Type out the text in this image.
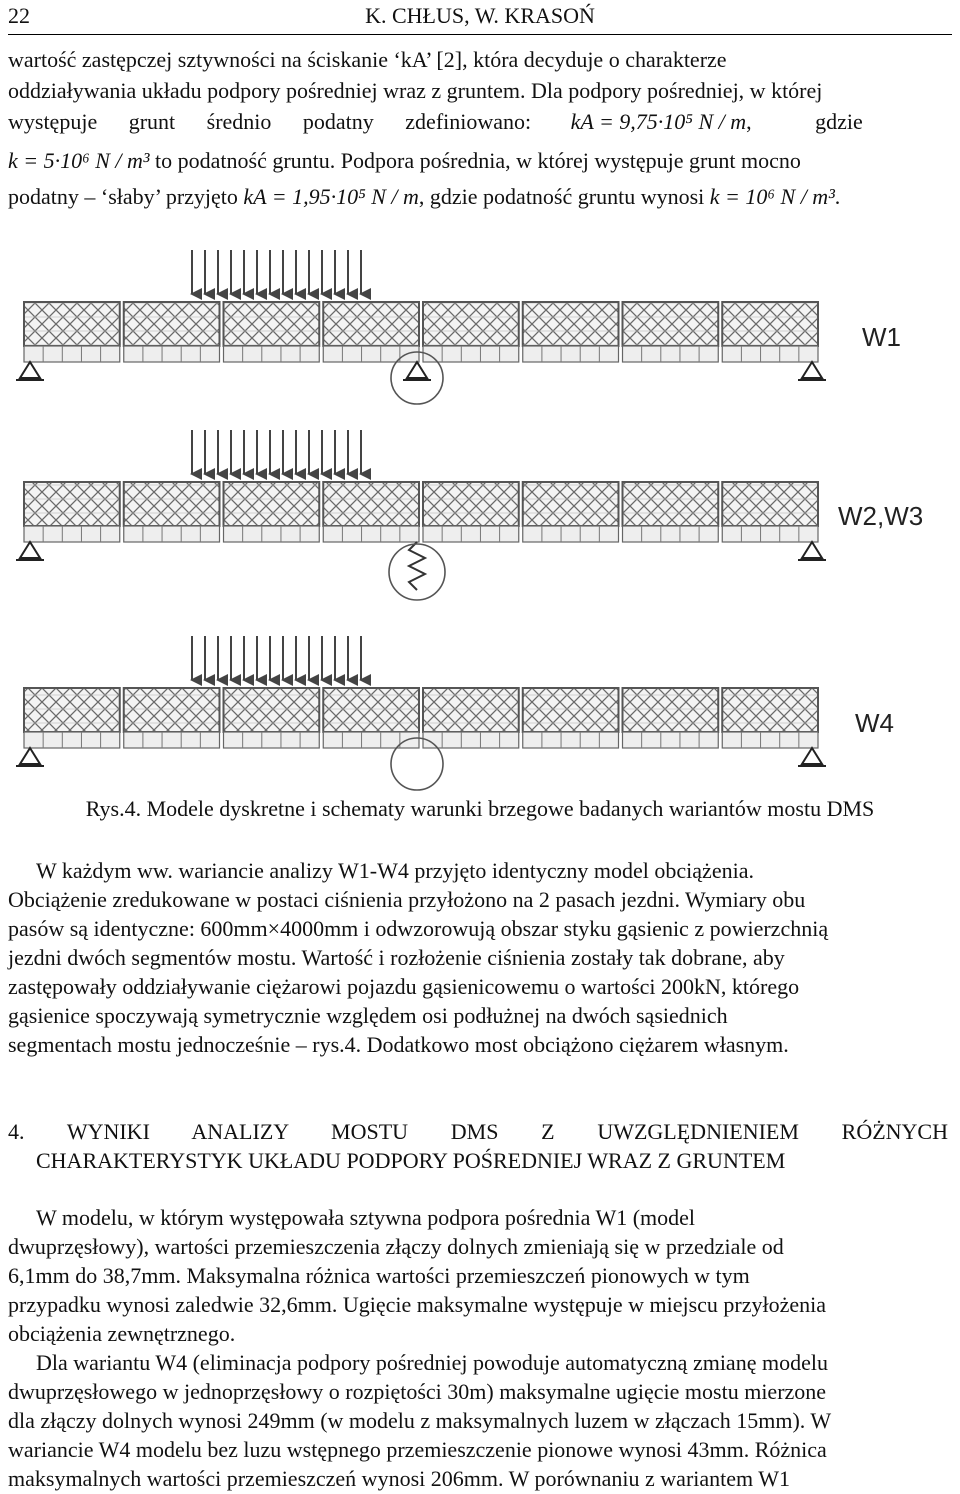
22	K. CHŁUS, W. KRASOŃ

wartość zastępczej sztywności na ściskanie ‘kA’ [2], która decyduje o charakterze

oddziaływania układu podpory pośredniej wraz z gruntem. Dla podpory pośredniej, w której

występuje grunt średnio podatny zdefiniowano: kA = 9,75·10⁵ N / m, gdzie

k = 5·10⁶ N / m³ to podatność gruntu. Podpora pośrednia, w której występuje grunt mocno

podatny – ‘słaby’ przyjęto kA = 1,95·10⁵ N / m, gdzie podatność gruntu wynosi k = 10⁶ N / m³.

W1
W2,W3
W4
Rys.4. Modele dyskretne i schematy warunki brzegowe badanych wariantów mostu DMS

W każdym ww. wariancie analizy W1-W4 przyjęto identyczny model obciążenia.

Obciążenie zredukowane w postaci ciśnienia przyłożono na 2 pasach jezdni. Wymiary obu

pasów są identyczne: 600mm×4000mm i odwzorowują obszar styku gąsienic z powierzchnią

jezdni dwóch segmentów mostu. Wartość i rozłożenie ciśnienia zostały tak dobrane, aby

zastępowały oddziaływanie ciężarowi pojazdu gąsienicowemu o wartości 200kN, którego

gąsienice spoczywają symetrycznie względem osi podłużnej na dwóch sąsiednich

segmentach mostu jednocześnie – rys.4. Dodatkowo most obciążono ciężarem własnym.

4. WYNIKI ANALIZY MOSTU DMS Z UWZGLĘDNIENIEM RÓŻNYCH
CHARAKTERYSTYK UKŁADU PODPORY POŚREDNIEJ WRAZ Z GRUNTEM

W modelu, w którym występowała sztywna podpora pośrednia W1 (model

dwuprzęsłowy), wartości przemieszczenia złączy dolnych zmieniają się w przedziale od

6,1mm do 38,7mm. Maksymalna różnica wartości przemieszczeń pionowych w tym

przypadku wynosi zaledwie 32,6mm. Ugięcie maksymalne występuje w miejscu przyłożenia

obciążenia zewnętrznego.

Dla wariantu W4 (eliminacja podpory pośredniej powoduje automatyczną zmianę modelu

dwuprzęsłowego w jednoprzęsłowy o rozpiętości 30m) maksymalne ugięcie mostu mierzone

dla złączy dolnych wynosi 249mm (w modelu z maksymalnych luzem w złączach 15mm). W

wariancie W4 modelu bez luzu wstępnego przemieszczenie pionowe wynosi 43mm. Różnica

maksymalnych wartości przemieszczeń wynosi 206mm. W porównaniu z wariantem W1
